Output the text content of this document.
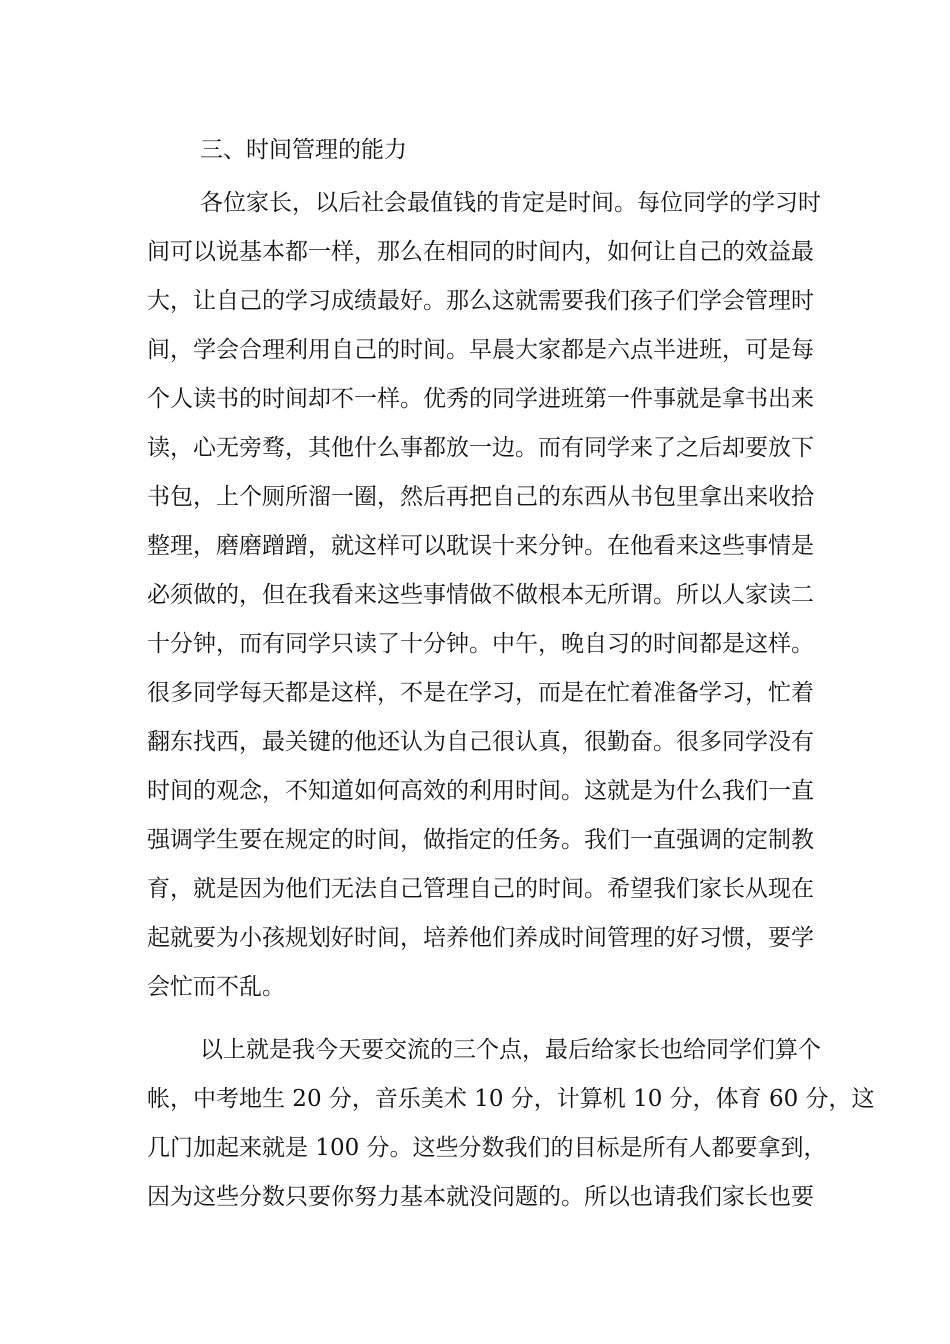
三、时间管理的能力
各位家长，以后社会最值钱的肯定是时间。每位同学的学习时
间可以说基本都一样，那么在相同的时间内，如何让自己的效益最
大，让自己的学习成绩最好。那么这就需要我们孩子们学会管理时
间，学会合理利用自己的时间。早晨大家都是六点半进班，可是每
个人读书的时间却不一样。优秀的同学进班第一件事就是拿书出来
读，心无旁骛，其他什么事都放一边。而有同学来了之后却要放下
书包，上个厕所溜一圈，然后再把自己的东西从书包里拿出来收拾
整理，磨磨蹭蹭，就这样可以耽误十来分钟。在他看来这些事情是
必须做的，但在我看来这些事情做不做根本无所谓。所以人家读二
十分钟，而有同学只读了十分钟。中午，晚自习的时间都是这样。
很多同学每天都是这样，不是在学习，而是在忙着准备学习，忙着
翻东找西，最关键的他还认为自己很认真，很勤奋。很多同学没有
时间的观念，不知道如何高效的利用时间。这就是为什么我们一直
强调学生要在规定的时间，做指定的任务。我们一直强调的定制教
育，就是因为他们无法自己管理自己的时间。希望我们家长从现在
起就要为小孩规划好时间，培养他们养成时间管理的好习惯，要学
会忙而不乱。
以上就是我今天要交流的三个点，最后给家长也给同学们算个
帐，中考地生 20 分，音乐美术 10 分，计算机 10 分，体育 60 分，这
几门加起来就是 100 分。这些分数我们的目标是所有人都要拿到，
因为这些分数只要你努力基本就没问题的。所以也请我们家长也要
